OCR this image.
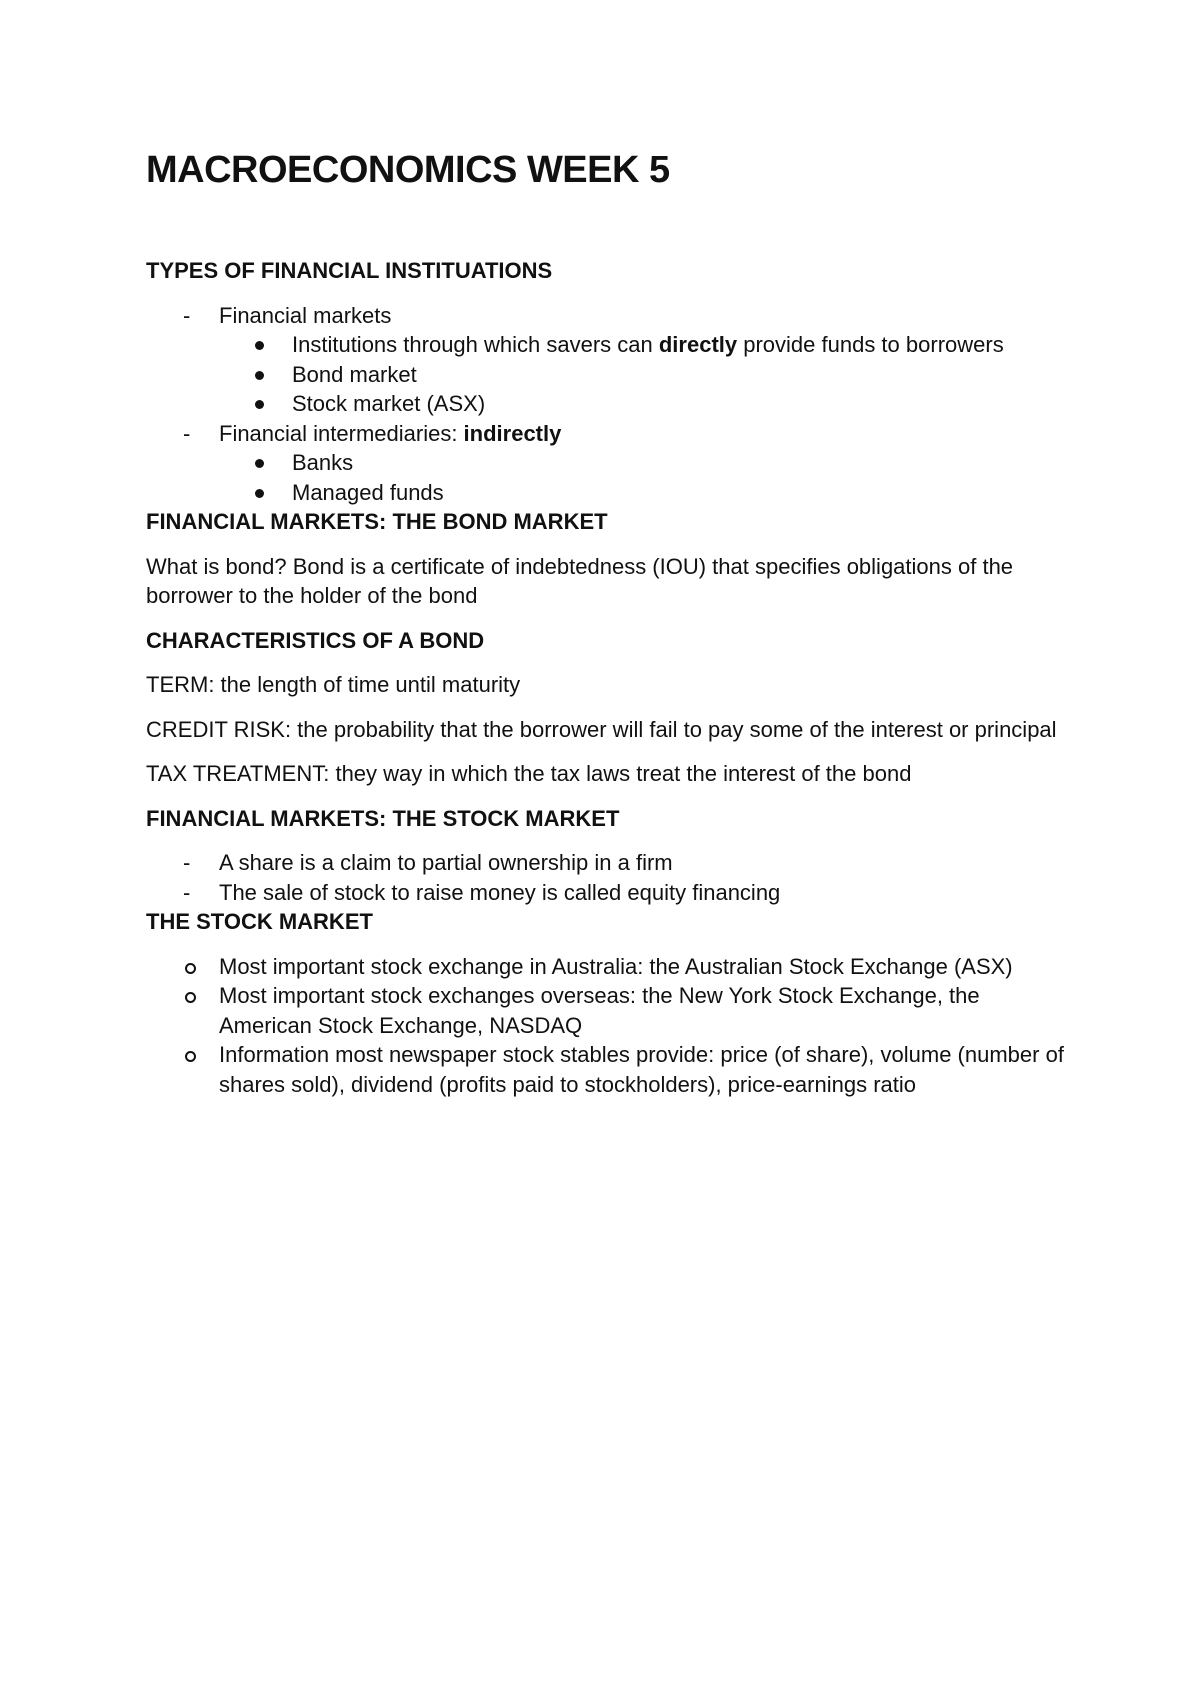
MACROECONOMICS WEEK 5
TYPES OF FINANCIAL INSTITUATIONS
- Financial markets
Institutions through which savers can directly provide funds to borrowers
Bond market
Stock market (ASX)
- Financial intermediaries: indirectly
Banks
Managed funds
FINANCIAL MARKETS: THE BOND MARKET

What is bond? Bond is a certificate of indebtedness (IOU) that specifies obligations of the borrower to the holder of the bond

CHARACTERISTICS OF A BOND

TERM: the length of time until maturity

CREDIT RISK: the probability that the borrower will fail to pay some of the interest or principal

TAX TREATMENT: they way in which the tax laws treat the interest of the bond

FINANCIAL MARKETS: THE STOCK MARKET
- A share is a claim to partial ownership in a firm
- The sale of stock to raise money is called equity financing
THE STOCK MARKET
Most important stock exchange in Australia: the Australian Stock Exchange (ASX)
Most important stock exchanges overseas: the New York Stock Exchange, the American Stock Exchange, NASDAQ
Information most newspaper stock stables provide: price (of share), volume (number of shares sold), dividend (profits paid to stockholders), price-earnings ratio
